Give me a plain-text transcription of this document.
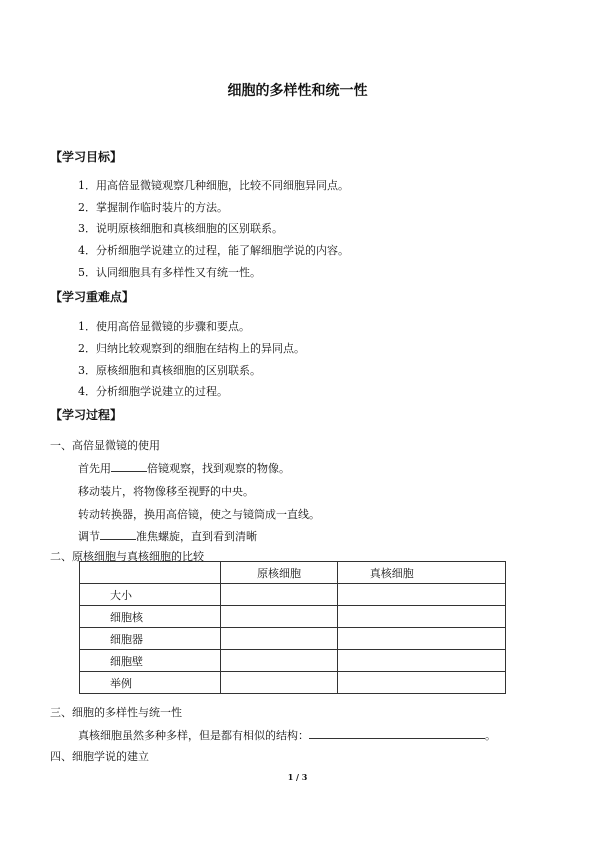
细胞的多样性和统一性
【学习目标】
1．用高倍显微镜观察几种细胞，比较不同细胞异同点。
2．掌握制作临时装片的方法。
3．说明原核细胞和真核细胞的区别联系。
4．分析细胞学说建立的过程，能了解细胞学说的内容。
5．认同细胞具有多样性又有统一性。
【学习重难点】
1．使用高倍显微镜的步骤和要点。
2．归纳比较观察到的细胞在结构上的异同点。
3．原核细胞和真核细胞的区别联系。
4．分析细胞学说建立的过程。
【学习过程】
一、高倍显微镜的使用
首先用	倍镜观察，找到观察的物像。
移动装片，将物像移至视野的中央。
转动转换器，换用高倍镜，使之与镜筒成一直线。
调节	准焦螺旋，直到看到清晰
二、原核细胞与真核细胞的比较
	原核细胞	真核细胞
大小		
细胞核		
细胞器		
细胞壁		
举例		
三、细胞的多样性与统一性
真核细胞虽然多种多样，但是都有相似的结构：	。
四、细胞学说的建立
1 / 3
